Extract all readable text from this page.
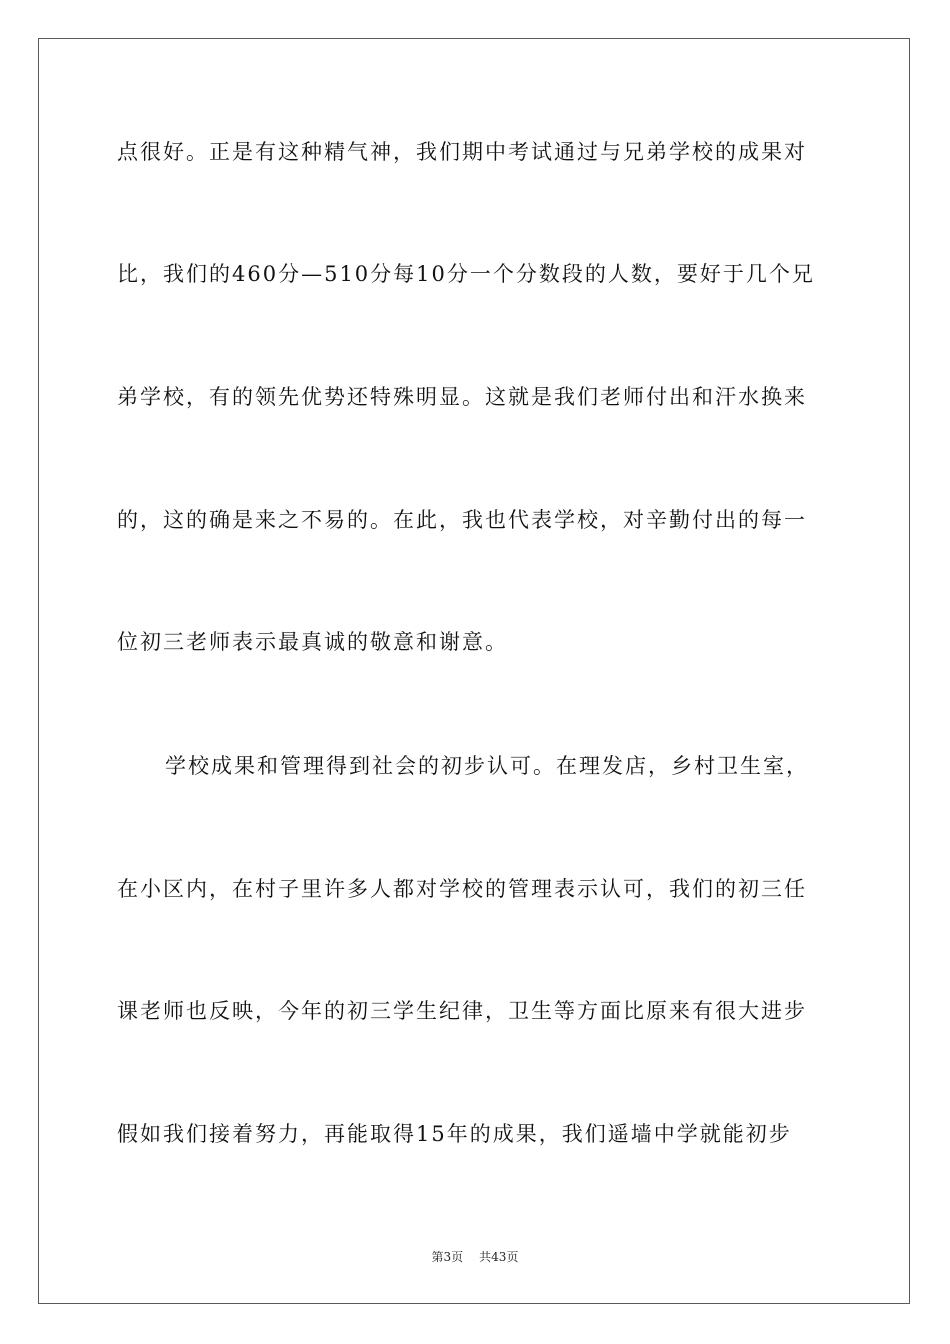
点很好。正是有这种精气神，我们期中考试通过与兄弟学校的成果对
比，我们的460分—510分每10分一个分数段的人数，要好于几个兄
弟学校，有的领先优势还特殊明显。这就是我们老师付出和汗水换来
的，这的确是来之不易的。在此，我也代表学校，对辛勤付出的每一
位初三老师表示最真诚的敬意和谢意。
学校成果和管理得到社会的初步认可。在理发店，乡村卫生室，
在小区内，在村子里许多人都对学校的管理表示认可，我们的初三任
课老师也反映，今年的初三学生纪律，卫生等方面比原来有很大进步
假如我们接着努力，再能取得15年的成果，我们遥墙中学就能初步
第3页 共43页
